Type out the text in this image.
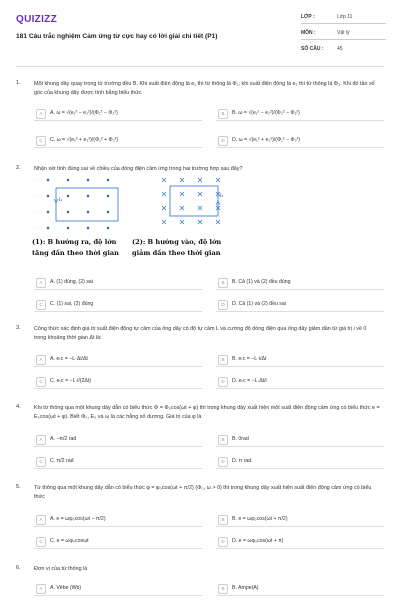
QUIZIZZ
181 Câu trắc nghiệm Cảm ứng từ cực hay có lời giải chi tiết (P1)
LỚP :	Lớp 11
MÔN :	Vật lý
SỐ CÂU :	45
1. Một khung dây quay trong từ trường đều B. Khi suất điện động là e₁ thì từ thông là Φ₁; khi suất điện động là e₂ thì từ thông là Φ₂. Khi đó tần số góc của khung dây được tính bằng biểu thức
A	A. ω = √(e₁² − e₂²)/(Φ₁² − Φ₂²)	B	B. ω = √(e₁² − e₂²)/(Φ₂² − Φ₁²)
C	C. ω = √(e₁² + e₂²)/(Φ₁² + Φ₂²)	D	D. ω = √(e₁² + e₂²)/(Φ₁² − Φ₂²)
2. Nhận xét tính đúng sai về chiều của dòng điện cảm ứng trong hai trường hợp sau đây?
I₁
I₂
(1): B hướng ra, độ lớn
tăng dần theo thời gian
(2): B hướng vào, độ lớn
giảm dần theo thời gian
A	A. (1) đúng, (2) sai	B	B. Cả (1) và (2) đều đúng
C	C. (1) sai, (2) đúng	D	D. Cả (1) và (2) đều sai
3. Công thức xác định giá trị suất điện động tự cảm của ống dây có độ tự cảm L và cường độ dòng điện qua ống dây giảm dần từ giá trị i về 0 trong khoảng thời gian Δt là:
A	A. eₜc = −L·Δi/Δt	B	B. eₜc = −L·i/Δt
C	C. eₜc = −L·i/(2Δt)	D	D. eₜc = −L·Δt/i
4. Khi từ thông qua một khung dây dẫn có biểu thức Φ = Φ₀cos(ωt + φ) thì trong khung dây xuất hiện một suất điện động cảm ứng có biểu thức e = E₀cos(ωt + φ). Biết Φ₀, E₀ và ω là các hằng số dương. Giá trị của φ là
A	A. −π/2 rad	B	B. 0rad
C	C. π/2 rad	D	D. π rad.
5. Từ thông qua một khung dây dẫn có biểu thức φ = φ₀cos(ωt + π/2) (Φ₀, ω > 0) thì trong khung dây xuất hiện suất điện động cảm ứng có biểu thức
A	A. e = ωφ₀cos(ωt − π/2)	B	B. e = ωφ₀cos(ωt + π/2)
C	C. e = ωφ₀cosωt	D	D. e = ωφ₀cos(ωt + π)
6. Đơn vị của từ thông là
A	A. Vêbe (Wb)	B	B. Ampe(A)
